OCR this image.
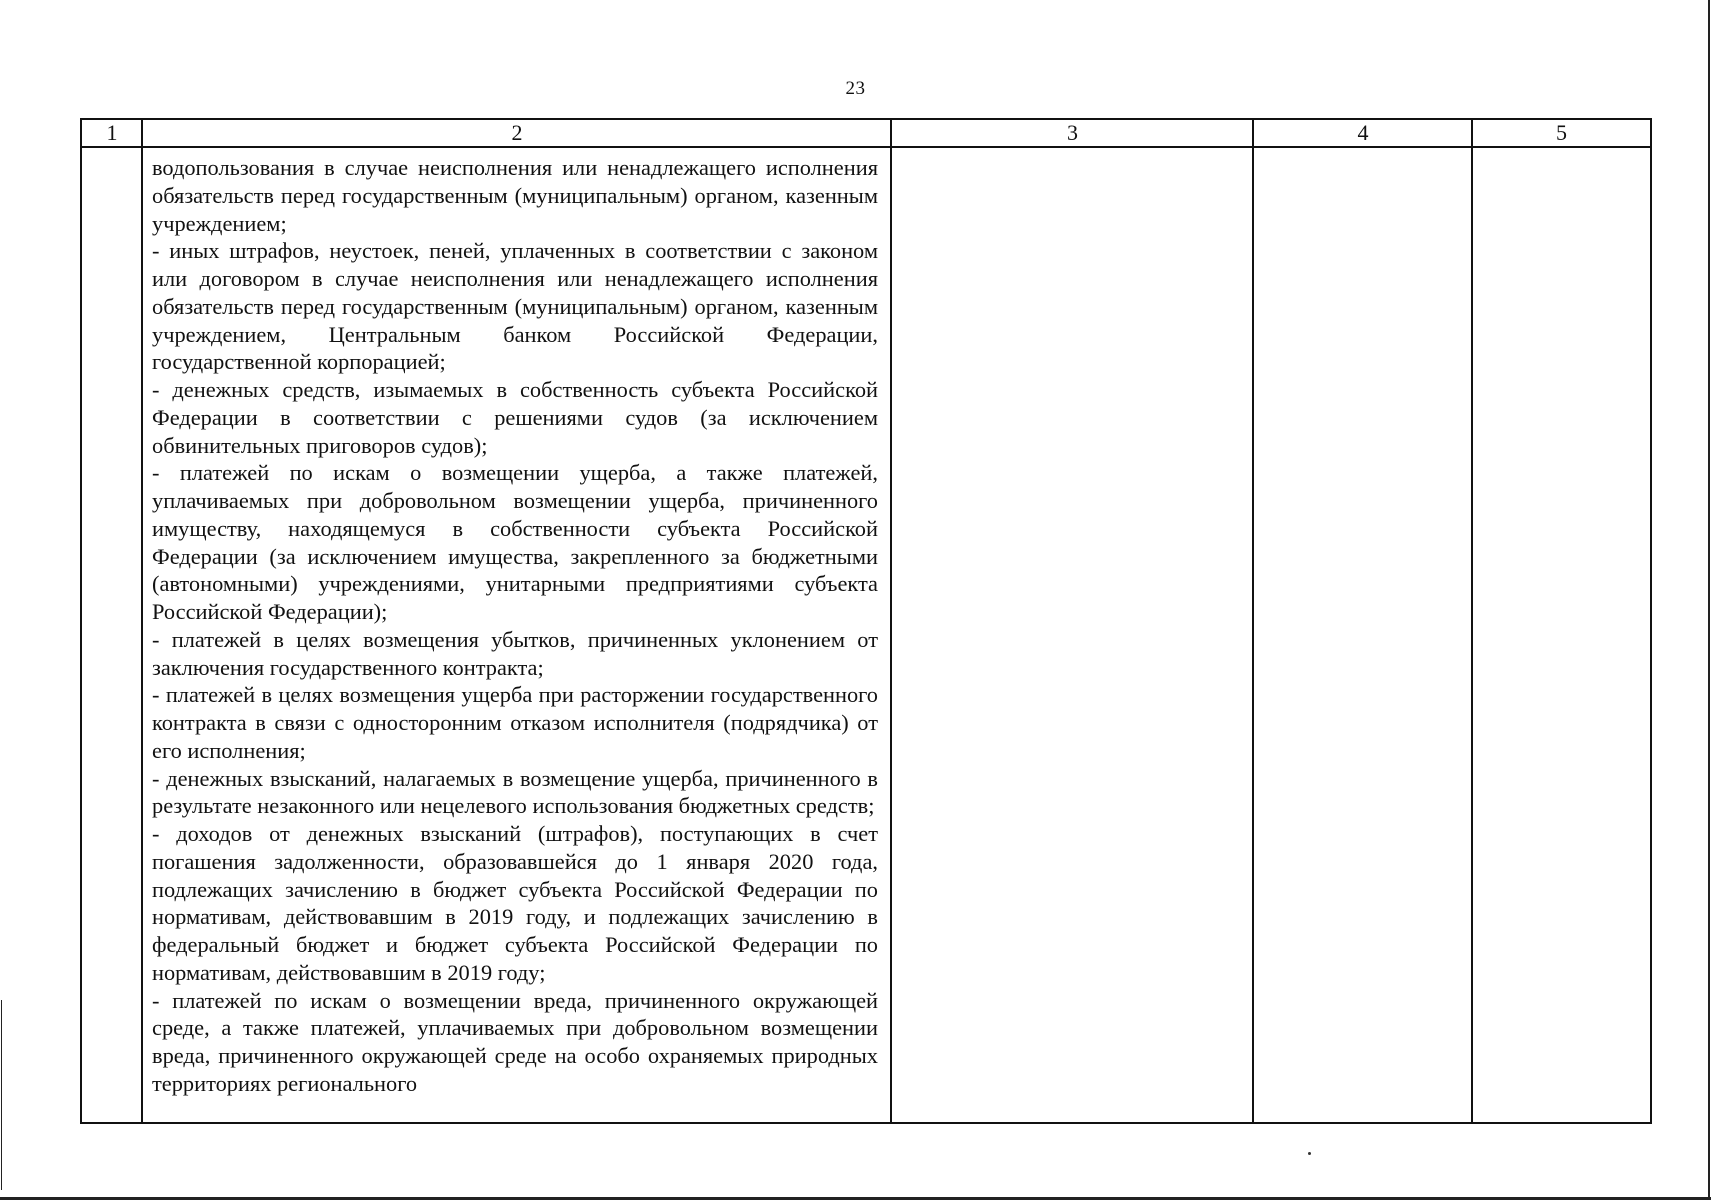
23
1	2	3	4	5

водопользования в случае неисполнения или ненадлежащего исполнения обязательств перед государственным (муниципальным) органом, казенным учреждением;

- иных штрафов, неустоек, пеней, уплаченных в соответствии с законом или договором в случае неисполнения или ненадлежащего исполнения обязательств перед государственным (муниципальным) органом, казенным учреждением, Центральным банком Российской Федерации, государственной корпорацией;

- денежных средств, изымаемых в собственность субъекта Российской Федерации в соответствии с решениями судов (за исключением обвинительных приговоров судов);

- платежей по искам о возмещении ущерба, а также платежей, уплачиваемых при добровольном возмещении ущерба, причиненного имуществу, находящемуся в собственности субъекта Российской Федерации (за исключением имущества, закрепленного за бюджетными (автономными) учреждениями, унитарными предприятиями субъекта Российской Федерации);

- платежей в целях возмещения убытков, причиненных уклонением от заключения государственного контракта;

- платежей в целях возмещения ущерба при расторжении государственного контракта в связи с односторонним отказом исполнителя (подрядчика) от его исполнения;

- денежных взысканий, налагаемых в возмещение ущерба, причиненного в результате незаконного или нецелевого использования бюджетных средств;

- доходов от денежных взысканий (штрафов), поступающих в счет погашения задолженности, образовавшейся до 1 января 2020 года, подлежащих зачислению в бюджет субъекта Российской Федерации по нормативам, действовавшим в 2019 году, и подлежащих зачислению в федеральный бюджет и бюджет субъекта Российской Федерации по нормативам, действовавшим в 2019 году;

- платежей по искам о возмещении вреда, причиненного окружающей среде, а также платежей, уплачиваемых при добровольном возмещении вреда, причиненного окружающей среде на особо охраняемых природных территориях регионального
